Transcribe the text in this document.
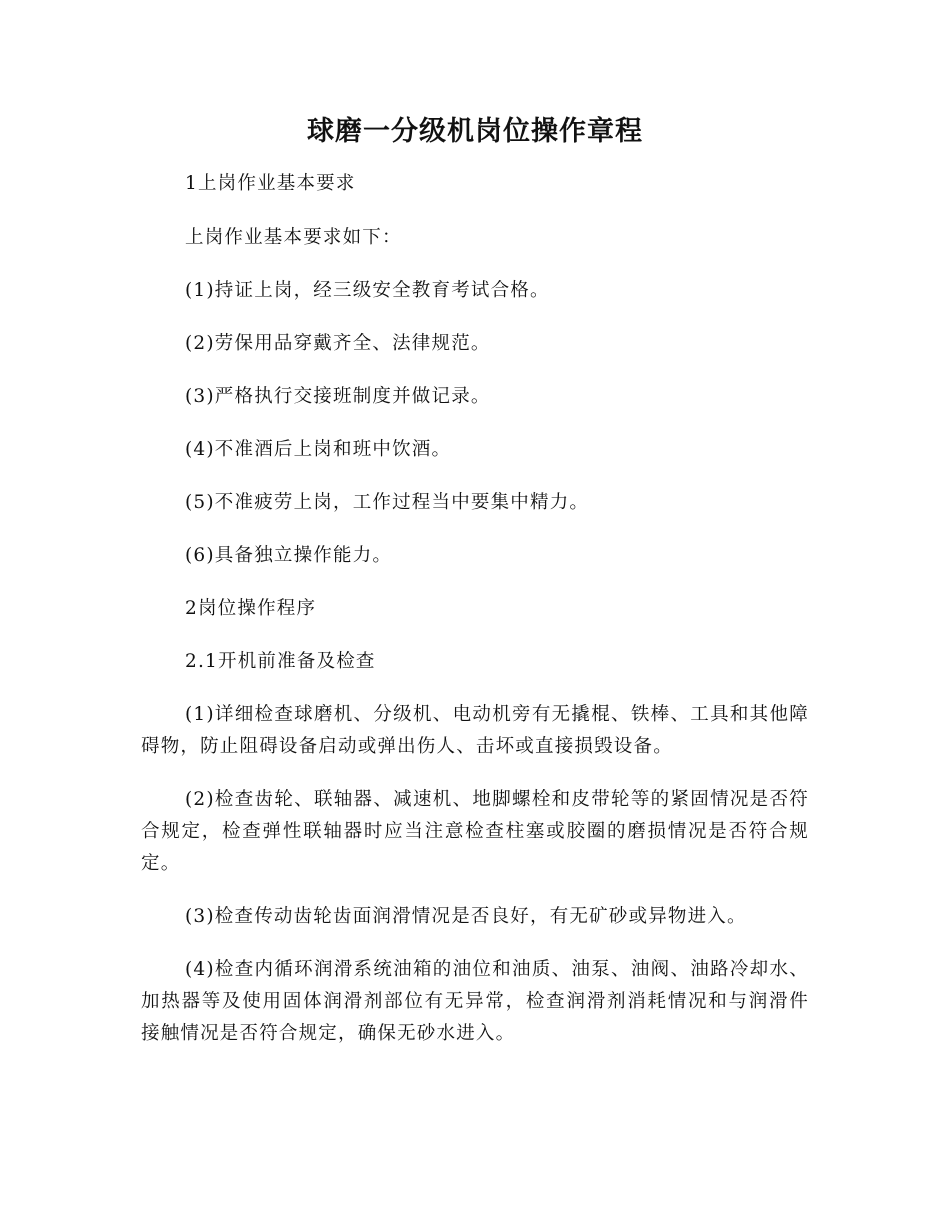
球磨一分级机岗位操作章程

1上岗作业基本要求

上岗作业基本要求如下：

(1)持证上岗，经三级安全教育考试合格。

(2)劳保用品穿戴齐全、法律规范。

(3)严格执行交接班制度并做记录。

(4)不准酒后上岗和班中饮酒。

(5)不准疲劳上岗，工作过程当中要集中精力。

(6)具备独立操作能力。

2岗位操作程序

2.1开机前准备及检查

(1)详细检查球磨机、分级机、电动机旁有无撬棍、铁棒、工具和其他障碍物，防止阻碍设备启动或弹出伤人、击坏或直接损毁设备。

(2)检查齿轮、联轴器、减速机、地脚螺栓和皮带轮等的紧固情况是否符合规定，检查弹性联轴器时应当注意检查柱塞或胶圈的磨损情况是否符合规定。

(3)检查传动齿轮齿面润滑情况是否良好，有无矿砂或异物进入。

(4)检查内循环润滑系统油箱的油位和油质、油泵、油阀、油路冷却水、加热器等及使用固体润滑剂部位有无异常，检查润滑剂消耗情况和与润滑件接触情况是否符合规定，确保无砂水进入。
